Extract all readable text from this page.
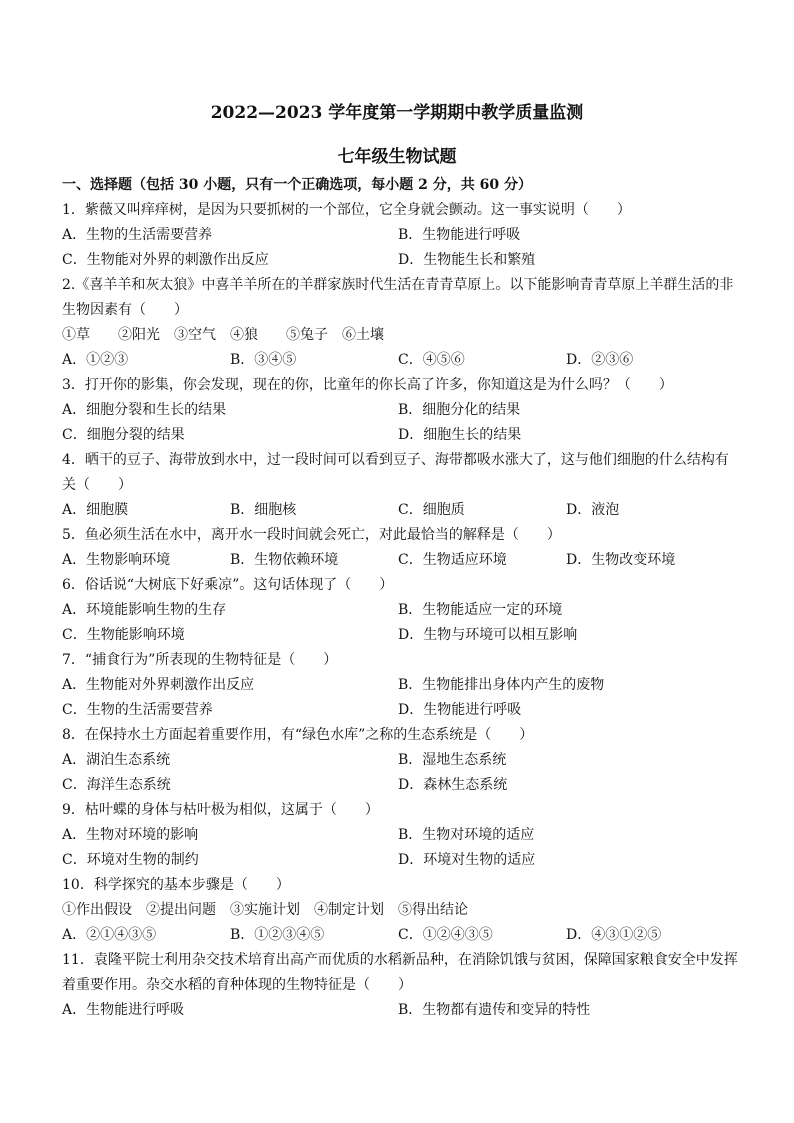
2022—2023 学年度第一学期期中教学质量监测
七年级生物试题
一、选择题（包括 30 小题，只有一个正确选项，每小题 2 分，共 60 分）
1．紫薇又叫痒痒树，是因为只要抓树的一个部位，它全身就会颤动。这一事实说明（　　）
A．生物的生活需要营养	B．生物能进行呼吸
C．生物能对外界的刺激作出反应	D．生物能生长和繁殖
2.《喜羊羊和灰太狼》中喜羊羊所在的羊群家族时代生活在青青草原上。以下能影响青青草原上羊群生活的非
生物因素有（　　）
①草　　②阳光　③空气　④狼　　⑤兔子　⑥土壤
A．①②③	B．③④⑤	C．④⑤⑥	D．②③⑥
3．打开你的影集，你会发现，现在的你，比童年的你长高了许多，你知道这是为什么吗？（　　）
A．细胞分裂和生长的结果	B．细胞分化的结果
C．细胞分裂的结果	D．细胞生长的结果
4．晒干的豆子、海带放到水中，过一段时间可以看到豆子、海带都吸水涨大了，这与他们细胞的什么结构有
关（　　）
A．细胞膜	B．细胞核	C．细胞质	D．液泡
5．鱼必须生活在水中，离开水一段时间就会死亡，对此最恰当的解释是（　　）
A．生物影响环境	B．生物依赖环境	C．生物适应环境	D．生物改变环境
6．俗话说“大树底下好乘凉”。这句话体现了（　　）
A．环境能影响生物的生存	B．生物能适应一定的环境
C．生物能影响环境	D．生物与环境可以相互影响
7．“捕食行为”所表现的生物特征是（　　）
A．生物能对外界刺激作出反应	B．生物能排出身体内产生的废物
C．生物的生活需要营养	D．生物能进行呼吸
8．在保持水土方面起着重要作用，有“绿色水库”之称的生态系统是（　　）
A．湖泊生态系统	B．湿地生态系统
C．海洋生态系统	D．森林生态系统
9．枯叶蝶的身体与枯叶极为相似，这属于（　　）
A．生物对环境的影响	B．生物对环境的适应
C．环境对生物的制约	D．环境对生物的适应
10．科学探究的基本步骤是（　　）
①作出假设　②提出问题　③实施计划　④制定计划　⑤得出结论
A．②①④③⑤	B．①②③④⑤	C．①②④③⑤	D．④③①②⑤
11．袁隆平院士利用杂交技术培育出高产而优质的水稻新品种，在消除饥饿与贫困，保障国家粮食安全中发挥
着重要作用。杂交水稻的育种体现的生物特征是（　　）
A．生物能进行呼吸	B．生物都有遗传和变异的特性
